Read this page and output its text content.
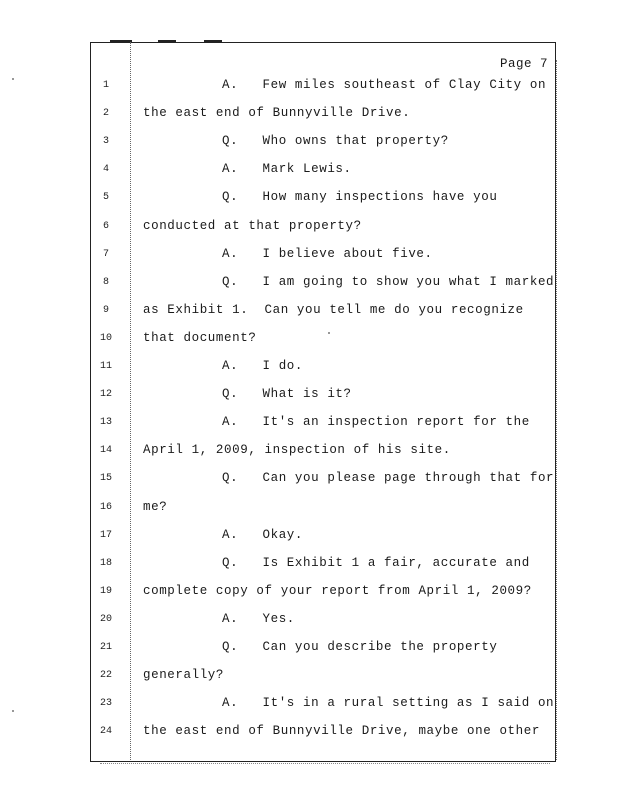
Page 7
1	A.   Few miles southeast of Clay City on
2	the east end of Bunnyville Drive.
3	Q.   Who owns that property?
4	A.   Mark Lewis.
5	Q.   How many inspections have you
6	conducted at that property?
7	A.   I believe about five.
8	Q.   I am going to show you what I marked
9	as Exhibit 1.  Can you tell me do you recognize
10	that document?
11	A.   I do.
12	Q.   What is it?
13	A.   It's an inspection report for the
14	April 1, 2009, inspection of his site.
15	Q.   Can you please page through that for
16	me?
17	A.   Okay.
18	Q.   Is Exhibit 1 a fair, accurate and
19	complete copy of your report from April 1, 2009?
20	A.   Yes.
21	Q.   Can you describe the property
22	generally?
23	A.   It's in a rural setting as I said on
24	the east end of Bunnyville Drive, maybe one other
